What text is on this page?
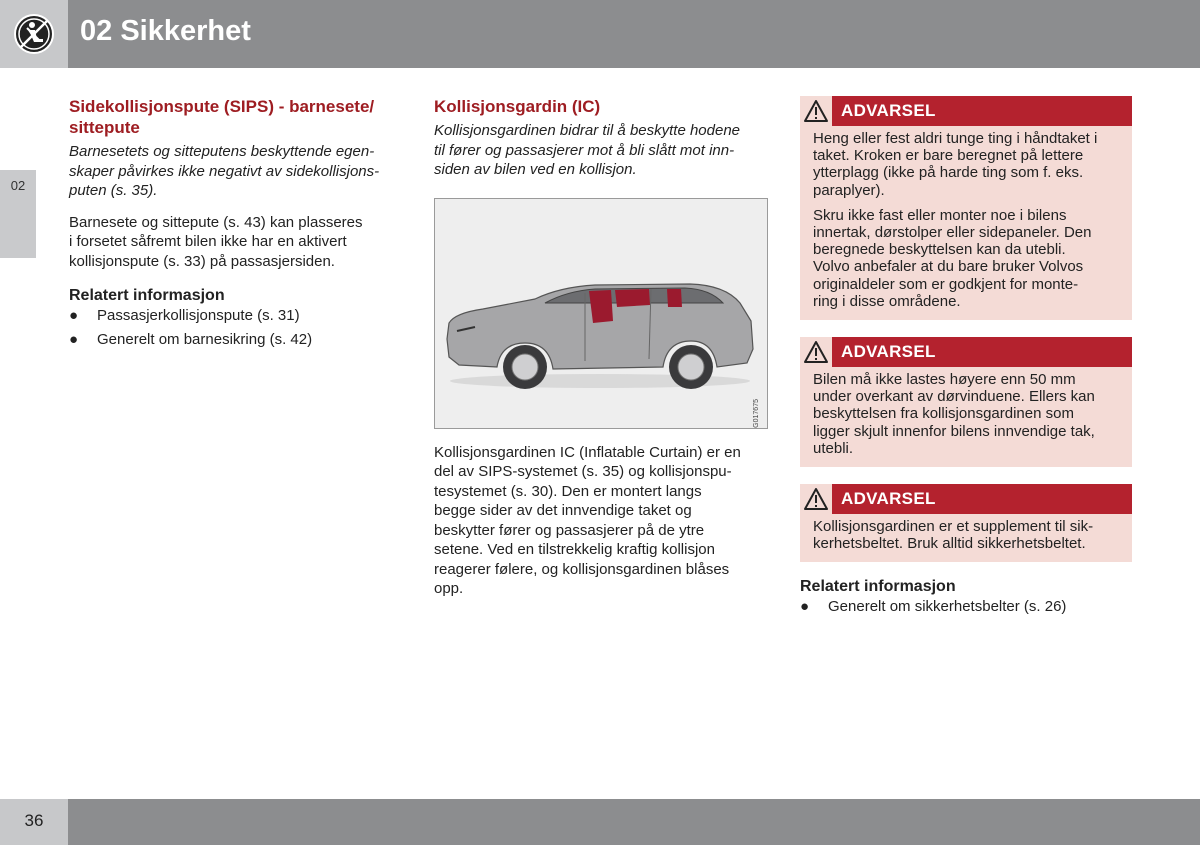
02 Sikkerhet
02
Sidekollisjonspute (SIPS) - barnesete/ sittepute
Barnesetets og sitteputens beskyttende egen-
skaper påvirkes ikke negativt av sidekollisjons-
puten (s. 35).

Barnesete og sittepute (s. 43) kan plasseres
i forsetet såfremt bilen ikke har en aktivert
kollisjonspute (s. 33) på passasjersiden.

Relatert informasjon
● Passasjerkollisjonspute (s. 31)
● Generelt om barnesikring (s. 42)
Kollisjonsgardin (IC)
Kollisjonsgardinen bidrar til å beskytte hodene
til fører og passasjerer mot å bli slått mot inn-
siden av bilen ved en kollisjon.
G017675

Kollisjonsgardinen IC (Inflatable Curtain) er en
del av SIPS-systemet (s. 35) og kollisjonspu-
tesystemet (s. 30). Den er montert langs
begge sider av det innvendige taket og
beskytter fører og passasjerer på de ytre
setene. Ved en tilstrekkelig kraftig kollisjon
reagerer følere, og kollisjonsgardinen blåses
opp.

ADVARSEL

Heng eller fest aldri tunge ting i håndtaket i
taket. Kroken er bare beregnet på lettere
ytterplagg (ikke på harde ting som f. eks.
paraplyer).

Skru ikke fast eller monter noe i bilens
innertak, dørstolper eller sidepaneler. Den
beregnede beskyttelsen kan da utebli.
Volvo anbefaler at du bare bruker Volvos
originaldeler som er godkjent for monte-
ring i disse områdene.

ADVARSEL

Bilen må ikke lastes høyere enn 50 mm
under overkant av dørvinduene. Ellers kan
beskyttelsen fra kollisjonsgardinen som
ligger skjult innenfor bilens innvendige tak,
utebli.

ADVARSEL

Kollisjonsgardinen er et supplement til sik-
kerhetsbeltet. Bruk alltid sikkerhetsbeltet.

Relatert informasjon
● Generelt om sikkerhetsbelter (s. 26)
36
